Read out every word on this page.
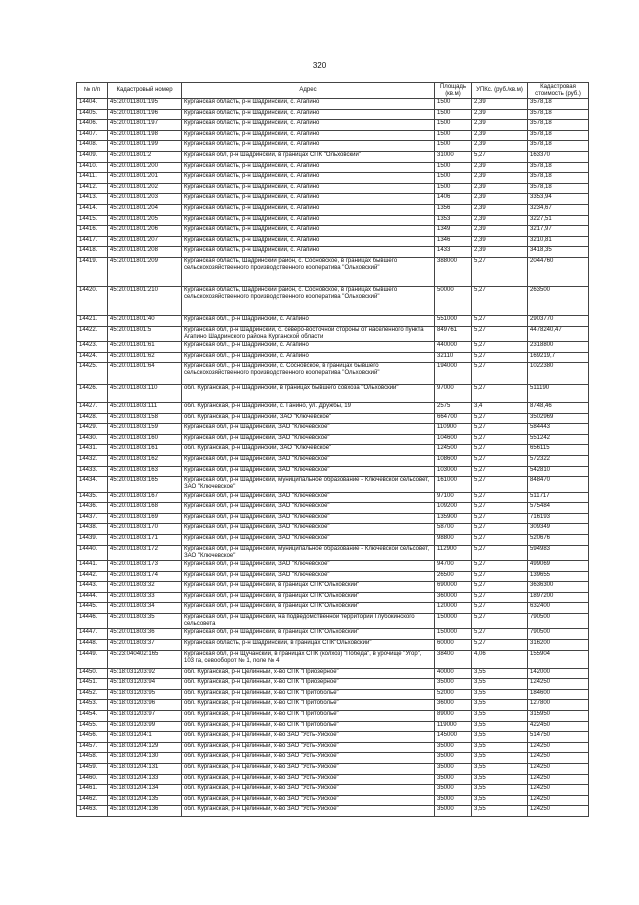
320
№ п/п	Кадастровый номер	Адрес	Площадь (кв.м)	УПКс. (руб./кв.м)	Кадастровая стоимость (руб.)
14404.	45:20:011801:195	Курганская область, р-н Шадринский, с. Агапино	1500	2,39	3578,18
14405.	45:20:011801:196	Курганская область, р-н Шадринский, с. Агапино	1500	2,39	3578,18
14406.	45:20:011801:197	Курганская область, р-н Шадринский, с. Агапино	1500	2,39	3578,18
14407.	45:20:011801:198	Курганская область, р-н Шадринский, с. Агапино	1500	2,39	3578,18
14408.	45:20:011801:199	Курганская область, р-н Шадринский, с. Агапино	1500	2,39	3578,18
14409.	45:20:011801:2	Курганская обл, р-н Шадринский, в границах СПК "Ольховский"	31000	5,27	163370
14410.	45:20:011801:200	Курганская область, р-н Шадринский, с. Агапино	1500	2,39	3578,18
14411.	45:20:011801:201	Курганская область, р-н Шадринский, с. Агапино	1500	2,39	3578,18
14412.	45:20:011801:202	Курганская область, р-н Шадринский, с. Агапино	1500	2,39	3578,18
14413.	45:20:011801:203	Курганская область, р-н Шадринский, с. Агапино	1406	2,39	3353,94
14414.	45:20:011801:204	Курганская область, р-н Шадринский, с. Агапино	1356	2,39	3234,67
14415.	45:20:011801:205	Курганская область, р-н Шадринский, с. Агапино	1353	2,39	3227,51
14416.	45:20:011801:206	Курганская область, р-н Шадринский, с. Агапино	1349	2,39	3217,97
14417.	45:20:011801:207	Курганская область, р-н Шадринский, с. Агапино	1346	2,39	3210,81
14418.	45:20:011801:208	Курганская область, р-н Шадринский, с. Агапино	1433	2,39	3418,35
14419.	45:20:011801:209	Курганская область, Шадринский район, с. Сосновское, в границах бывшего сельскохозяйственного производственного кооператива "Ольховский"	388000	5,27	2044760
14420.	45:20:011801:210	Курганская область, Шадринский район, с. Сосновское, в границах бывшего сельскохозяйственного производственного кооператива "Ольховский"	50000	5,27	263500
14421.	45:20:011801:40	Курганская обл., р-н Шадринский, с. Агапино	551000	5,27	2903770
14422.	45:20:011801:5	Курганская обл, р-н Шадринский, с. северо-восточной стороны от населенного пункта Агапино Шадринского района Курганской области	849761	5,27	4478240,47
14423.	45:20:011801:61	Курганская обл., р-н Шадринский, с. Агапино	440000	5,27	2318800
14424.	45:20:011801:62	Курганская обл., р-н Шадринский, с. Агапино	32110	5,27	169219,7
14425.	45:20:011801:64	Курганская обл., р-н Шадринский, с. Сосновское, в границах бывшего сельскохозяйственного производственного кооператива "Ольховский"	194000	5,27	1022380
14426.	45:20:011803:110	обл. Курганская, р-н Шадринский, в границах бывшего совхоза "Ольховский"	97000	5,27	511190
14427.	45:20:011803:111	обл. Курганская, р-н Шадринский, с. Ганино, ул. Дружбы, 19	2575	3,4	8748,46
14428.	45:20:011803:158	обл. Курганская, р-н Шадринский, ЗАО "Ключевское"	664700	5,27	3502969
14429.	45:20:011803:159	Курганская обл, р-н Шадринский, ЗАО "Ключевское"	110900	5,27	584443
14430.	45:20:011803:160	Курганская обл, р-н Шадринский, ЗАО "Ключевское"	104600	5,27	551242
14431.	45:20:011803:161	обл. Курганская, р-н Шадринский, ЗАО "Ключевское"	124500	5,27	656115
14432.	45:20:011803:162	Курганская обл, р-н Шадринский, ЗАО "Ключевское"	108600	5,27	572322
14433.	45:20:011803:163	Курганская обл, р-н Шадринский, ЗАО "Ключевское"	103000	5,27	542810
14434.	45:20:011803:165	Курганская обл, р-н Шадринский, муниципальное образование - Ключевской сельсовет, ЗАО "Ключевское"	161000	5,27	848470
14435.	45:20:011803:167	Курганская обл, р-н Шадринский, ЗАО "Ключевское"	97100	5,27	511717
14436.	45:20:011803:168	Курганская обл, р-н Шадринский, ЗАО "Ключевское"	109200	5,27	575484
14437.	45:20:011803:169	Курганская обл, р-н Шадринский, ЗАО "Ключевское"	135900	5,27	716193
14438.	45:20:011803:170	Курганская обл, р-н Шадринский, ЗАО "Ключевское"	58700	5,27	309349
14439.	45:20:011803:171	Курганская обл, р-н Шадринский, ЗАО "Ключевское"	98800	5,27	520676
14440.	45:20:011803:172	Курганская обл, р-н Шадринский, муниципальное образование - Ключевской сельсовет, ЗАО "Ключевское"	112900	5,27	594983
14441.	45:20:011803:173	Курганская обл, р-н Шадринский, ЗАО "Ключевское"	94700	5,27	499069
14442.	45:20:011803:174	Курганская обл, р-н Шадринский, ЗАО "Ключевское"	26500	5,27	139655
14443.	45:20:011803:32	Курганская обл, р-н Шадринский, в границах СПК"Ольховский"	690000	5,27	3636300
14444.	45:20:011803:33	Курганская обл, р-н Шадринский, в границах СПК"Ольховский"	360000	5,27	1897200
14445.	45:20:011803:34	Курганская обл, р-н Шадринский, в границах СПК"Ольховский"	120000	5,27	632400
14446.	45:20:011803:35	Курганская обл, р-н Шадринский, на подведомственной территории Глубокинского сельсовета	150000	5,27	790500
14447.	45:20:011803:36	Курганская обл, р-н Шадринский, в границах СПК"Ольховский"	150000	5,27	790500
14448.	45:20:011803:37	Курганская область, р-н Шадринский, в границах СПК"Ольховский"	60000	5,27	316200
14449.	45:23:040402:165	Курганская обл, р-н Щучанский, в границах СПК (колхоз) "Победа", в урочище "Угор", 103 га, севооборот № 1, поле № 4	38400	4,06	155904
14450.	45:18:031203:92	обл. Курганская, р-н Целинный, х-во СПК "Приозерное"	40000	3,55	142000
14451.	45:18:031203:94	обл. Курганская, р-н Целинный, х-во СПК "Приозерное"	35000	3,55	124250
14452.	45:18:031203:95	обл. Курганская, р-н Целинный, х-во СПК "Притоболье"	52000	3,55	184600
14453.	45:18:031203:96	обл. Курганская, р-н Целинный, х-во СПК "Притоболье"	36000	3,55	127800
14454.	45:18:031203:97	обл. Курганская, р-н Целинный, х-во СПК "Притоболье"	89000	3,55	315950
14455.	45:18:031203:99	обл. Курганская, р-н Целинный, х-во СПК "Притоболье"	119000	3,55	422450
14456.	45:18:031204:1	обл. Курганская, р-н Целинный, х-во ЗАО "Усть-Уйское"	145000	3,55	514750
14457.	45:18:031204:129	обл. Курганская, р-н Целинный, х-во ЗАО "Усть-Уйское"	35000	3,55	124250
14458.	45:18:031204:130	обл. Курганская, р-н Целинный, х-во ЗАО "Усть-Уйское"	35000	3,55	124250
14459.	45:18:031204:131	обл. Курганская, р-н Целинный, х-во ЗАО "Усть-Уйское"	35000	3,55	124250
14460.	45:18:031204:133	обл. Курганская, р-н Целинный, х-во ЗАО "Усть-Уйское"	35000	3,55	124250
14461.	45:18:031204:134	обл. Курганская, р-н Целинный, х-во ЗАО "Усть-Уйское"	35000	3,55	124250
14462.	45:18:031204:135	обл. Курганская, р-н Целинный, х-во ЗАО "Усть-Уйское"	35000	3,55	124250
14463.	45:18:031204:136	обл. Курганская, р-н Целинный, х-во ЗАО "Усть-Уйское"	35000	3,55	124250
